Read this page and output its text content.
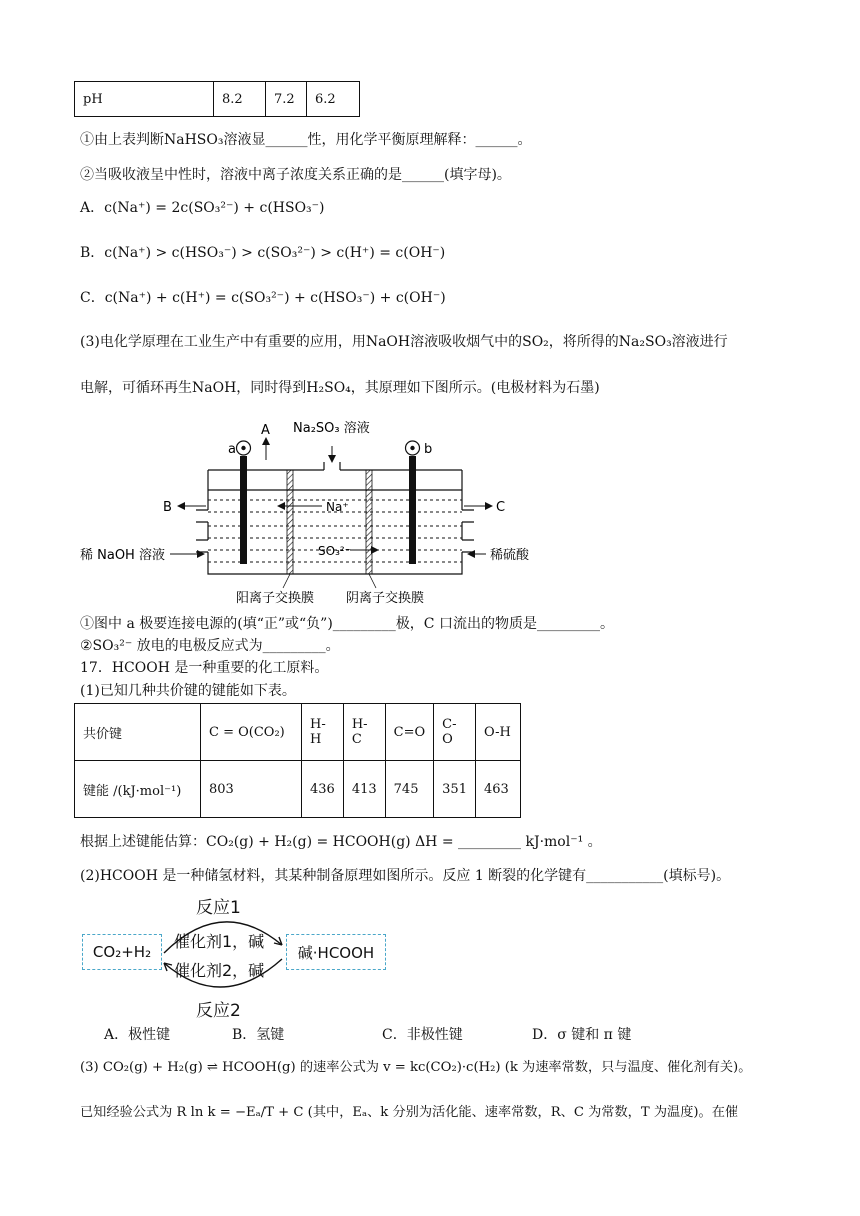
pH	8.2	7.2	6.2
①由上表判断NaHSO₃溶液显______性，用化学平衡原理解释：______。
②当吸收液呈中性时，溶液中离子浓度关系正确的是______(填字母)。
A．c(Na⁺) = 2c(SO₃²⁻) + c(HSO₃⁻)
B．c(Na⁺) > c(HSO₃⁻) > c(SO₃²⁻) > c(H⁺) = c(OH⁻)
C．c(Na⁺) + c(H⁺) = c(SO₃²⁻) + c(HSO₃⁻) + c(OH⁻)
(3)电化学原理在工业生产中有重要的应用，用NaOH溶液吸收烟气中的SO₂，将所得的Na₂SO₃溶液进行
电解，可循环再生NaOH，同时得到H₂SO₄，其原理如下图所示。(电极材料为石墨)
a	b
A Na₂SO₃ 溶液
B	C
Na⁺
SO₃²⁻
稀 NaOH 溶液	稀硫酸
阳离子交换膜 阴离子交换膜
①图中 a 极要连接电源的(填“正”或“负”)_________极，C 口流出的物质是_________。
②SO₃²⁻ 放电的电极反应式为_________。
17．HCOOH 是一种重要的化工原料。
(1)已知几种共价键的键能如下表。
共价键	C = O(CO₂)	H-H	H-C	C=O	C-O	O-H
键能 /(kJ·mol⁻¹)	803	436	413	745	351	463
根据上述键能估算：CO₂(g) + H₂(g) = HCOOH(g) ΔH = _________ kJ·mol⁻¹ 。
(2)HCOOH 是一种储氢材料，其某种制备原理如图所示。反应 1 断裂的化学键有___________(填标号)。
反应1
CO₂+H₂	碱·HCOOH
催化剂1，碱
催化剂2，碱
反应2
A．极性键	B．氢键	C．非极性键	D．σ 键和 π 键
(3) CO₂(g) + H₂(g) ⇌ HCOOH(g) 的速率公式为 v = kc(CO₂)·c(H₂) (k 为速率常数，只与温度、催化剂有关)。
已知经验公式为 R ln k = −Eₐ/T + C (其中，Eₐ、k 分别为活化能、速率常数，R、C 为常数，T 为温度)。在催
